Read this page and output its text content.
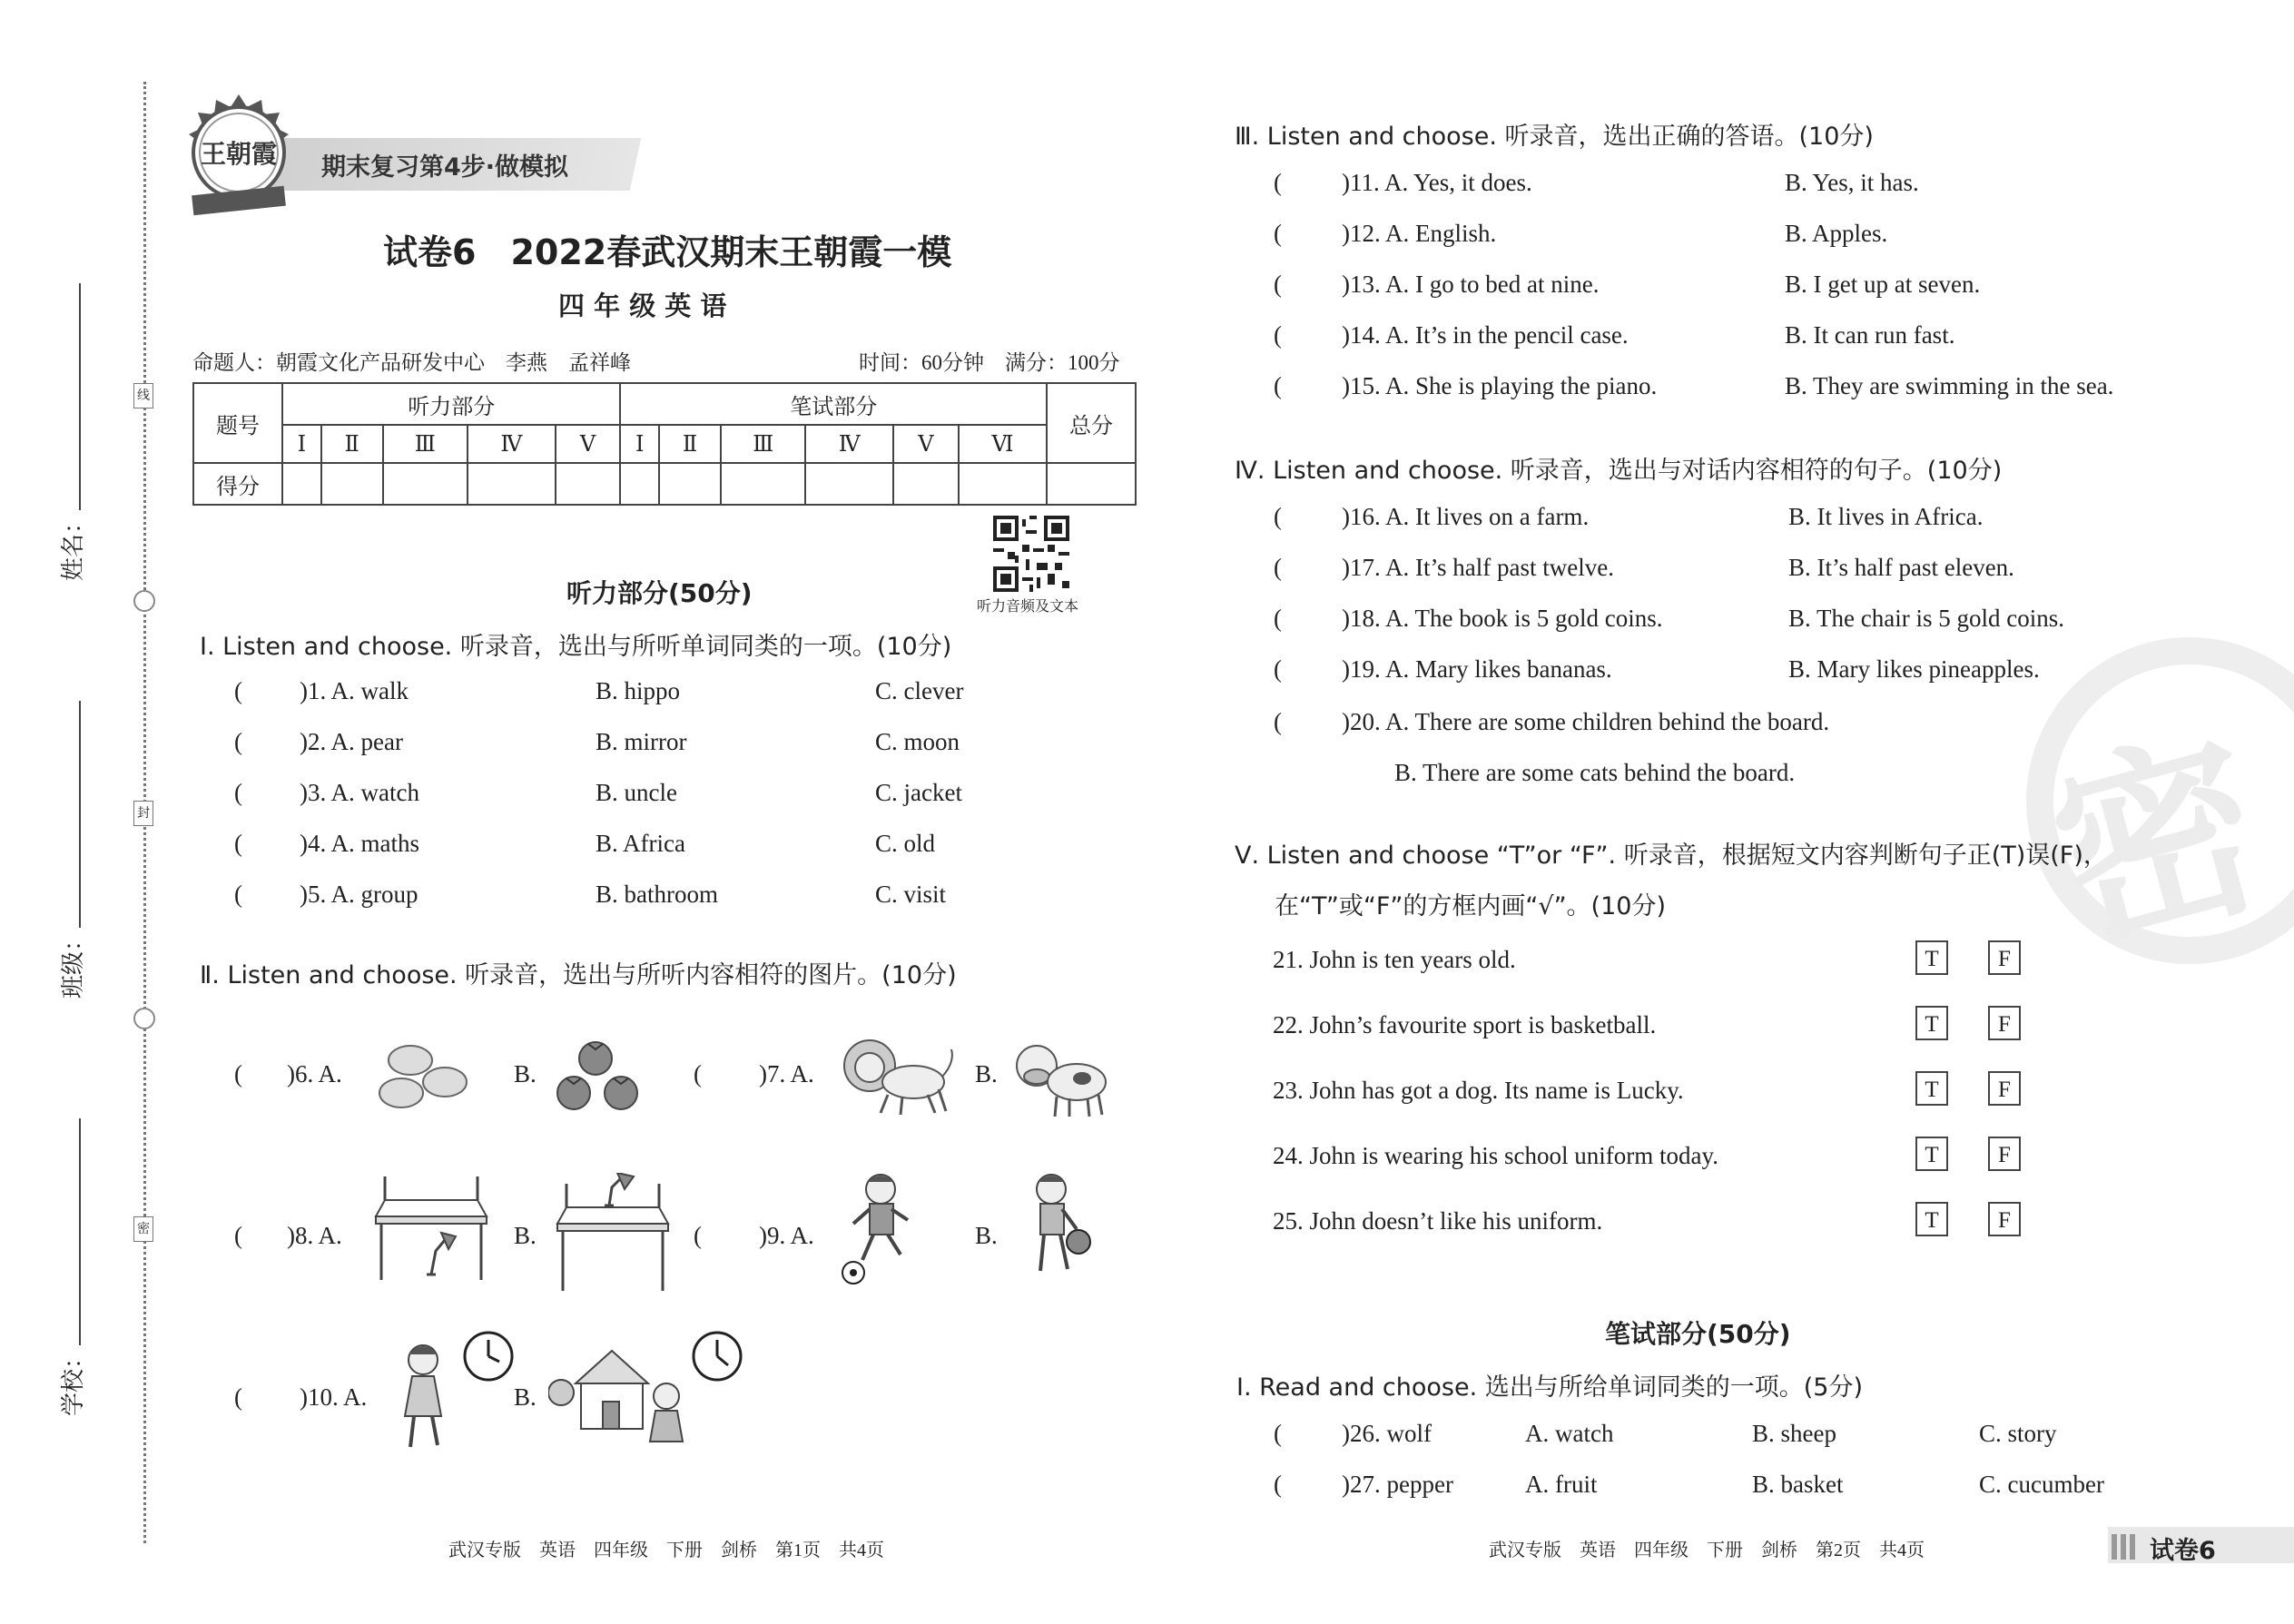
线
封
密
姓名：
班级：
学校：
期末复习第4步·做模拟
王朝霞
试卷6　2022春武汉期末王朝霞一模
四 年 级 英 语
命题人：朝霞文化产品研发中心　李燕　孟祥峰	时间：60分钟　满分：100分
题号	听力部分					笔试部分						总分
	Ⅰ	Ⅱ	Ⅲ	Ⅳ	Ⅴ	Ⅰ	Ⅱ	Ⅲ	Ⅳ	Ⅴ	Ⅵ	
得分												
听力音频及文本
听力部分(50分)
Ⅰ. Listen and choose. 听录音，选出与所听单词同类的一项。(10分)
Ⅱ. Listen and choose. 听录音，选出与所听内容相符的图片。(10分)
( )6. A.	B.	( )7. A.	B.
( )8. A.	B.	( )9. A.	B.
( )10. A.	B.
武汉专版　英语　四年级　下册　剑桥　第1页　共4页
密
Ⅲ. Listen and choose. 听录音，选出正确的答语。(10分)
Ⅳ. Listen and choose. 听录音，选出与对话内容相符的句子。(10分)
( )20. A. There are some children behind the board.
B. There are some cats behind the board.
Ⅴ. Listen and choose “T”or “F”. 听录音，根据短文内容判断句子正(T)误(F)，
在“T”或“F”的方框内画“√”。(10分)
笔试部分(50分)
Ⅰ. Read and choose. 选出与所给单词同类的一项。(5分)
武汉专版　英语　四年级　下册　剑桥　第2页　共4页	试卷6
( )1. A. walk	B. hippo	C. clever
( )2. A. pear	B. mirror	C. moon
( )3. A. watch	B. uncle	C. jacket
( )4. A. maths	B. Africa	C. old
( )5. A. group	B. bathroom	C. visit
( )11. A. Yes, it does.	B. Yes, it has.
( )12. A. English.	B. Apples.
( )13. A. I go to bed at nine.	B. I get up at seven.
( )14. A. It’s in the pencil case.	B. It can run fast.
( )15. A. She is playing the piano.	B. They are swimming in the sea.
( )16. A. It lives on a farm.	B. It lives in Africa.
( )17. A. It’s half past twelve.	B. It’s half past eleven.
( )18. A. The book is 5 gold coins.	B. The chair is 5 gold coins.
( )19. A. Mary likes bananas.	B. Mary likes pineapples.
21. John is ten years old.	T	F
22. John’s favourite sport is basketball.	T	F
23. John has got a dog. Its name is Lucky.	T	F
24. John is wearing his school uniform today.	T	F
25. John doesn’t like his uniform.	T	F
( )26. wolf	A. watch	B. sheep	C. story
( )27. pepper	A. fruit	B. basket	C. cucumber
